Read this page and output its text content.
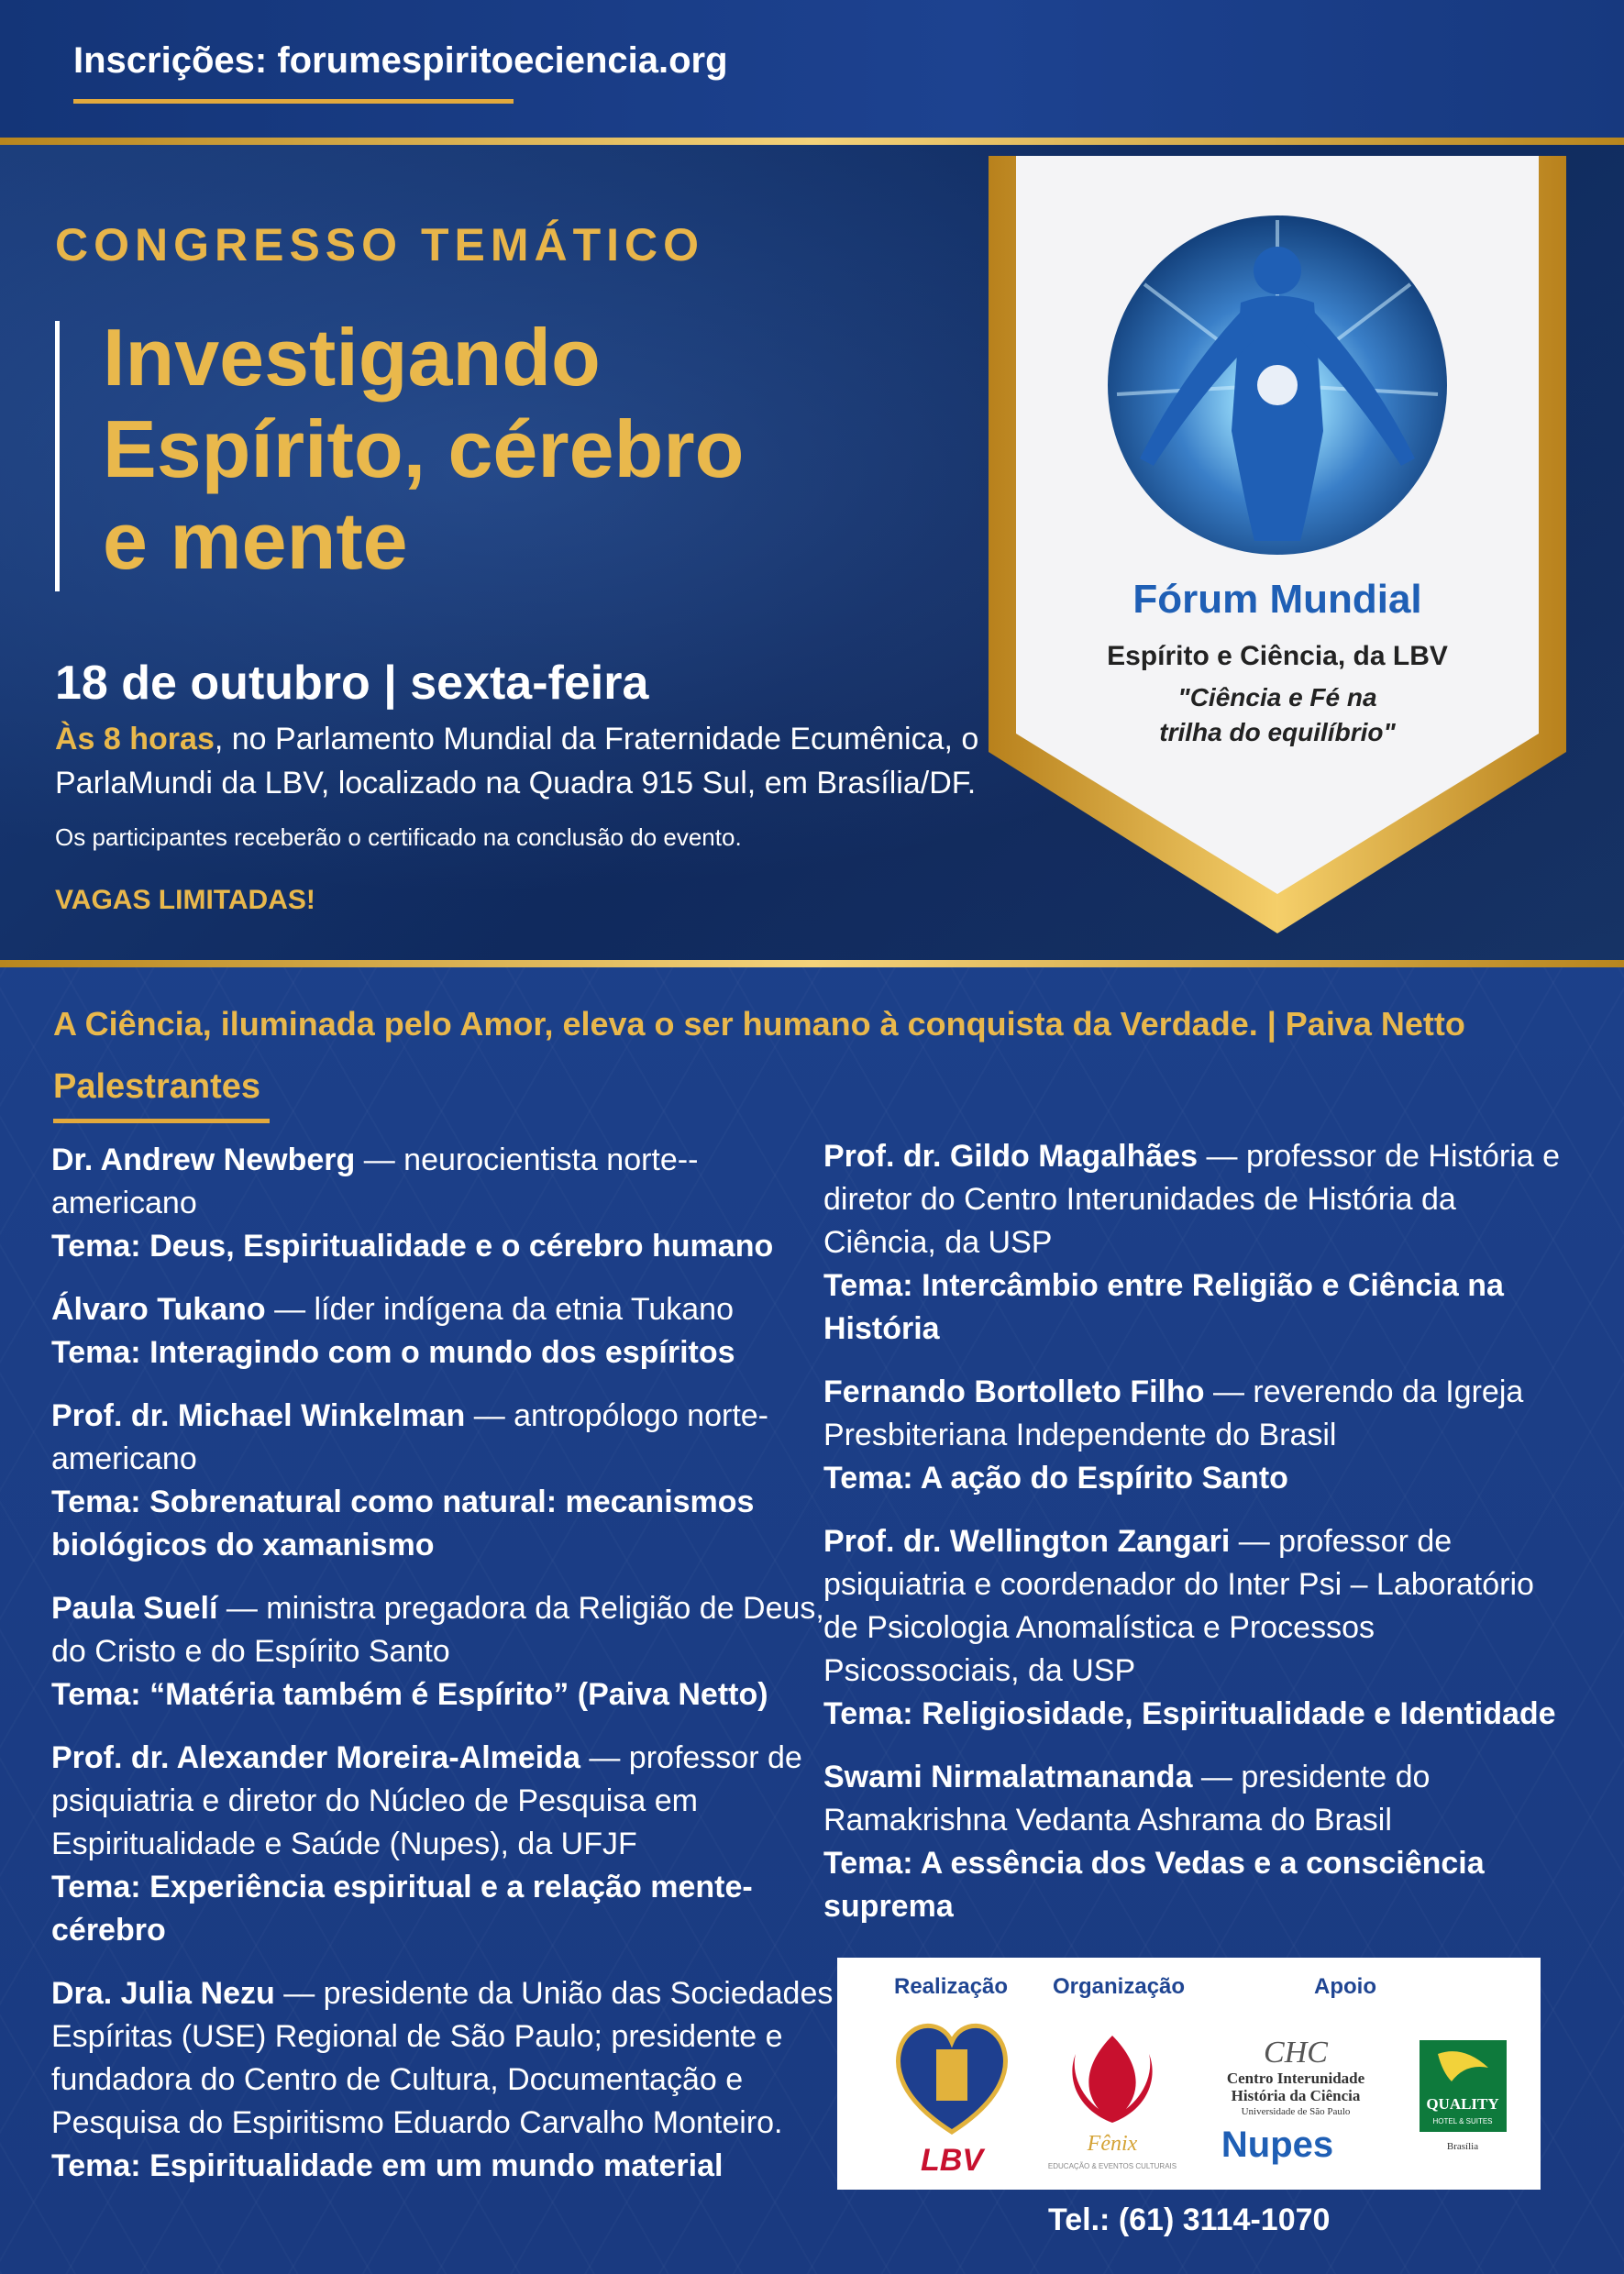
Inscrições: forumespiritoeciencia.org
CONGRESSO TEMÁTICO
Investigando
Espírito, cérebro
e mente
18 de outubro | sexta-feira
Às 8 horas, no Parlamento Mundial da Fraternidade Ecumênica, o ParlaMundi da LBV, localizado na Quadra 915 Sul, em Brasília/DF.
Os participantes receberão o certificado na conclusão do evento.
VAGAS LIMITADAS!
Fórum Mundial
Espírito e Ciência, da LBV
"Ciência e Fé na
trilha do equilíbrio"
A Ciência, iluminada pelo Amor, eleva o ser humano à conquista da Verdade. | Paiva Netto
Palestrantes
Dr. Andrew Newberg — neurocientista norte--americano
Tema: Deus, Espiritualidade e o cérebro humano
Álvaro Tukano — líder indígena da etnia Tukano
Tema: Interagindo com o mundo dos espíritos
Prof. dr. Michael Winkelman — antropólogo norte-americano
Tema: Sobrenatural como natural: mecanismos biológicos do xamanismo
Paula Suelí — ministra pregadora da Religião de Deus, do Cristo e do Espírito Santo
Tema: “Matéria também é Espírito” (Paiva Netto)
Prof. dr. Alexander Moreira-Almeida — professor de psiquiatria e diretor do Núcleo de Pesquisa em Espiritualidade e Saúde (Nupes), da UFJF
Tema: Experiência espiritual e a relação mente-cérebro
Dra. Julia Nezu — presidente da União das Sociedades Espíritas (USE) Regional de São Paulo; presidente e fundadora do Centro de Cultura, Documentação e Pesquisa do Espiritismo Eduardo Carvalho Monteiro.
Tema: Espiritualidade em um mundo material
Prof. dr. Gildo Magalhães — professor de História e diretor do Centro Interunidades de História da Ciência, da USP
Tema: Intercâmbio entre Religião e Ciência na História
Fernando Bortolleto Filho — reverendo da Igreja Presbiteriana Independente do Brasil
Tema: A ação do Espírito Santo
Prof. dr. Wellington Zangari — professor de psiquiatria e coordenador do Inter Psi – Laboratório de Psicologia Anomalística e Processos Psicossociais, da USP
Tema: Religiosidade, Espiritualidade e Identidade
Swami Nirmalatmananda — presidente do Ramakrishna Vedanta Ashrama do Brasil
Tema: A essência dos Vedas e a consciência suprema
Realização Organização	Apoio
LBV	Fênix
EDUCAÇÃO & EVENTOS CULTURAIS
CHC
Centro Interunidade
História da Ciência
Universidade de São Paulo
Nupes
QUALITY
HOTEL & SUITES
Brasília
Tel.: (61) 3114-1070
